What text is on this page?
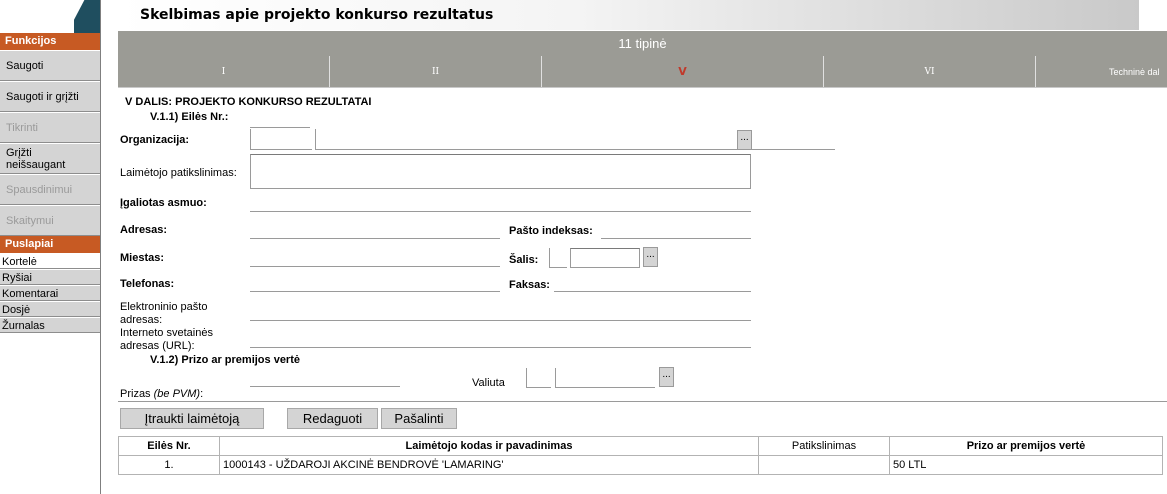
Funkcijos
Saugoti
Saugoti ir grįžti
Tikrinti
Grįžti neišsaugant
Spausdinimui
Skaitymui
Puslapiai
Kortelė
Ryšiai
Komentarai
Dosjė
Žurnalas
Skelbimas apie projekto konkurso rezultatus
11 tipinė
I	II	V	VI	Techninė dal
V DALIS: PROJEKTO KONKURSO REZULTATAI
V.1.1) Eilės Nr.:
Organizacija:	...
Laimėtojo patikslinimas:
Įgaliotas asmuo:
Adresas:	Pašto indeksas:
Miestas:	Šalis:	...
Telefonas:	Faksas:
Elektroninio pašto
adresas:
Interneto svetainės
adresas (URL):
V.1.2) Prizo ar premijos vertė
Valiuta
...
Prizas (be PVM):
Įtraukti laimėtoją	Redaguoti	Pašalinti
Eilės Nr.	Laimėtojo kodas ir pavadinimas	Patikslinimas	Prizo ar premijos vertė
1.	1000143 - UŽDAROJI AKCINĖ BENDROVĖ 'LAMARING'		50 LTL
